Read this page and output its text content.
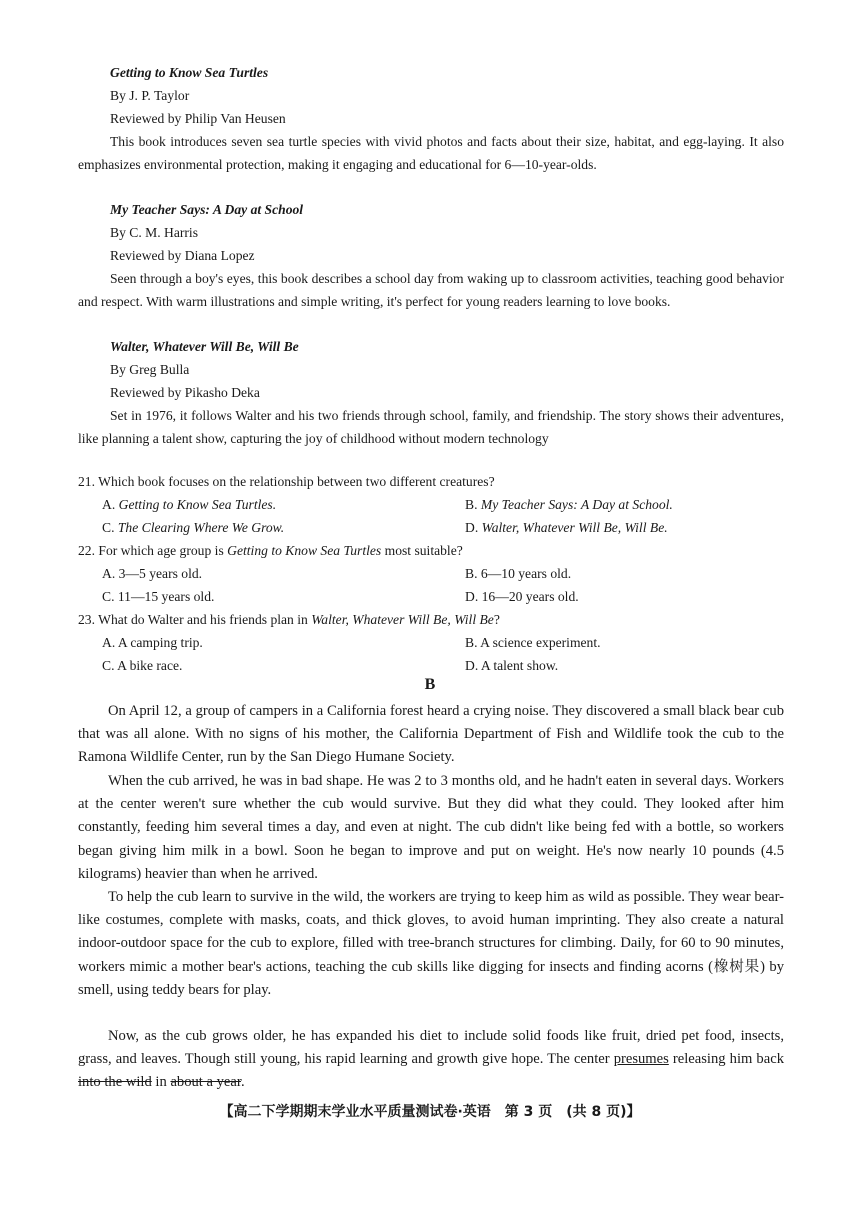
Getting to Know Sea Turtles
By J. P. Taylor
Reviewed by Philip Van Heusen

This book introduces seven sea turtle species with vivid photos and facts about their size, habitat, and egg-laying. It also emphasizes environmental protection, making it engaging and educational for 6—10-year-olds.

My Teacher Says: A Day at School
By C. M. Harris
Reviewed by Diana Lopez

Seen through a boy's eyes, this book describes a school day from waking up to classroom activities, teaching good behavior and respect. With warm illustrations and simple writing, it's perfect for young readers learning to love books.

Walter, Whatever Will Be, Will Be
By Greg Bulla
Reviewed by Pikasho Deka

Set in 1976, it follows Walter and his two friends through school, family, and friendship. The story shows their adventures, like planning a talent show, capturing the joy of childhood without modern technology

21. Which book focuses on the relationship between two different creatures?
A. Getting to Know Sea Turtles.	B. My Teacher Says: A Day at School.
C. The Clearing Where We Grow.	D. Walter, Whatever Will Be, Will Be.
22. For which age group is Getting to Know Sea Turtles most suitable?
A. 3—5 years old.	B. 6—10 years old.
C. 11—15 years old.	D. 16—20 years old.
23. What do Walter and his friends plan in Walter, Whatever Will Be, Will Be?
A. A camping trip.	B. A science experiment.
C. A bike race.	D. A talent show.
B

On April 12, a group of campers in a California forest heard a crying noise. They discovered a small black bear cub that was all alone. With no signs of his mother, the California Department of Fish and Wildlife took the cub to the Ramona Wildlife Center, run by the San Diego Humane Society.

When the cub arrived, he was in bad shape. He was 2 to 3 months old, and he hadn't eaten in several days. Workers at the center weren't sure whether the cub would survive. But they did what they could. They looked after him constantly, feeding him several times a day, and even at night. The cub didn't like being fed with a bottle, so workers began giving him milk in a bowl. Soon he began to improve and put on weight. He's now nearly 10 pounds (4.5 kilograms) heavier than when he arrived.

To help the cub learn to survive in the wild, the workers are trying to keep him as wild as possible. They wear bear-like costumes, complete with masks, coats, and thick gloves, to avoid human imprinting. They also create a natural indoor-outdoor space for the cub to explore, filled with tree-branch structures for climbing. Daily, for 60 to 90 minutes, workers mimic a mother bear's actions, teaching the cub skills like digging for insects and finding acorns (橡树果) by smell, using teddy bears for play.

Now, as the cub grows older, he has expanded his diet to include solid foods like fruit, dried pet food, insects, grass, and leaves. Though still young, his rapid learning and growth give hope. The center presumes releasing him back into the wild in about a year.

【高二下学期期末学业水平质量测试卷·英语　第 3 页　(共 8 页)】
